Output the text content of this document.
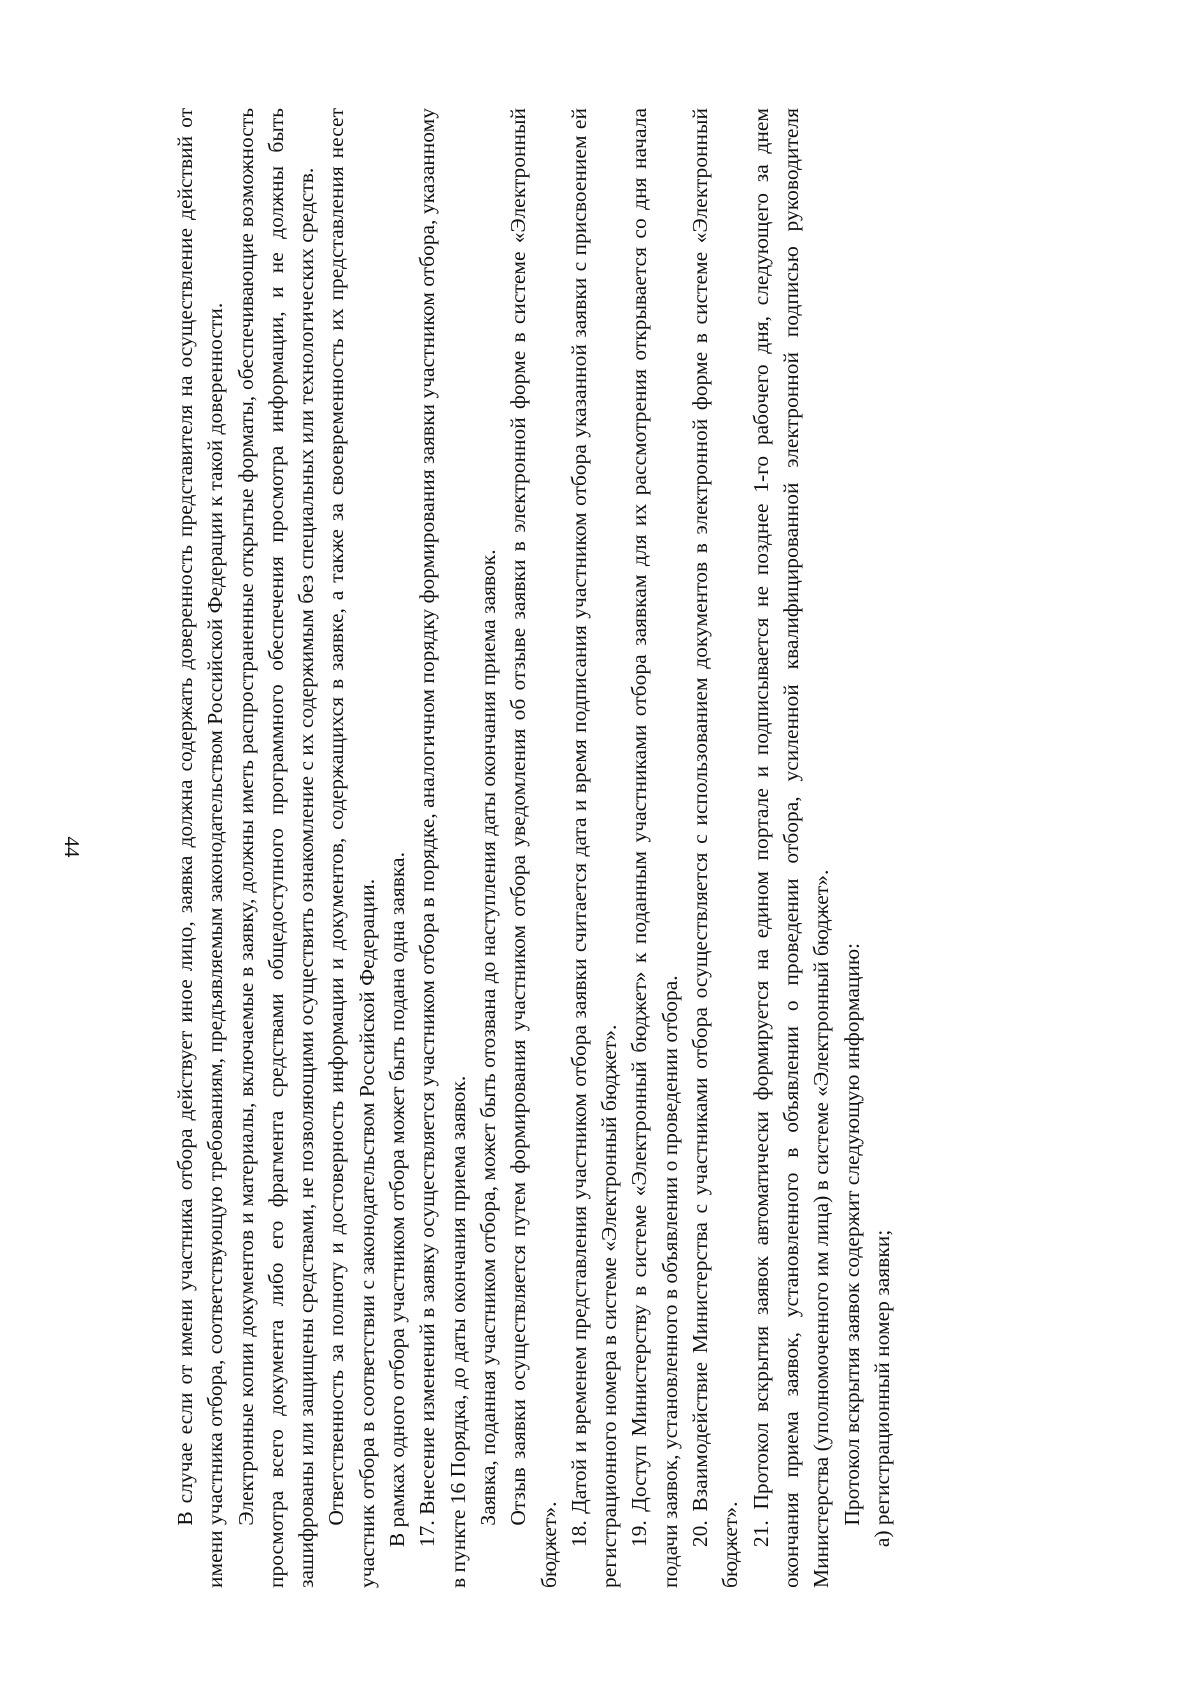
44	В случае если от имени участника отбора действует иное лицо, заявка должна содержать доверенность представителя на осуществление действий от имени участника отбора, соответствующую требованиям, предъявляемым законодательством Российской Федерации к такой доверенности. Электронные копии документов и материалы, включаемые в заявку, должны иметь распространенные открытые форматы, обеспечивающие возможность просмотра всего документа либо его фрагмента средствами общедоступного программного обеспечения просмотра информации, и не должны быть зашифрованы или защищены средствами, не позволяющими осуществить ознакомление с их содержимым без специальных или технологических средств. Ответственность за полноту и достоверность информации и документов, содержащихся в заявке, а также за своевременность их представления несет участник отбора в соответствии с законодательством Российской Федерации. В рамках одного отбора участником отбора может быть подана одна заявка. 17. Внесение изменений в заявку осуществляется участником отбора в порядке, аналогичном порядку формирования заявки участником отбора, указанному в пункте 16 Порядка, до даты окончания приема заявок. Заявка, поданная участником отбора, может быть отозвана до наступления даты окончания приема заявок. Отзыв заявки осуществляется путем формирования участником отбора уведомления об отзыве заявки в электронной форме в системе «Электронный бюджет». 18. Датой и временем представления участником отбора заявки считается дата и время подписания участником отбора указанной заявки с присвоением ей регистрационного номера в системе «Электронный бюджет». 19. Доступ Министерству в системе «Электронный бюджет» к поданным участниками отбора заявкам для их рассмотрения открывается со дня начала подачи заявок, установленного в объявлении о проведении отбора. 20. Взаимодействие Министерства с участниками отбора осуществляется с использованием документов в электронной форме в системе «Электронный бюджет». 21. Протокол вскрытия заявок автоматически формируется на едином портале и подписывается не позднее 1-го рабочего дня, следующего за днем окончания приема заявок, установленного в объявлении о проведении отбора, усиленной квалифицированной электронной подписью руководителя Министерства (уполномоченного им лица) в системе «Электронный бюджет». Протокол вскрытия заявок содержит следующую информацию: а) регистрационный номер заявки;
